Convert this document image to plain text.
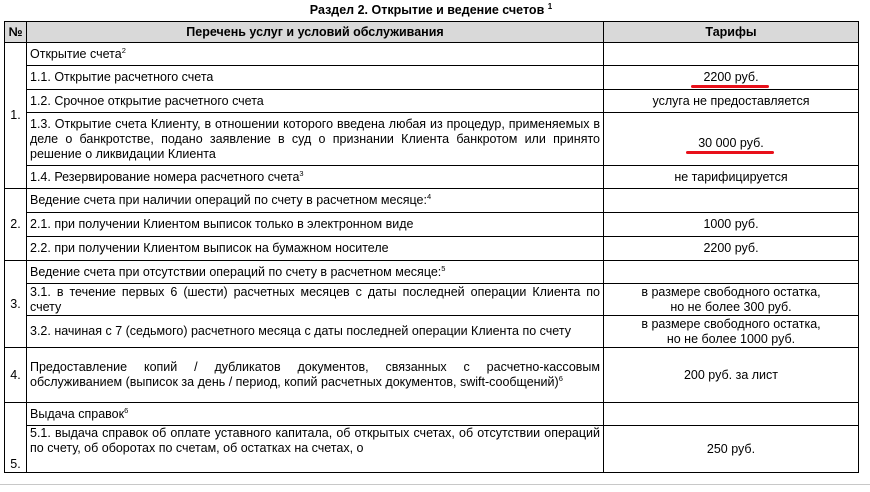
Раздел 2. Открытие и ведение счетов $^1$
№	Перечень услуг и условий обслуживания	Тарифы
1.	Открытие счета$^2$	
	1.1. Открытие расчетного счета	2200 руб.
	1.2. Срочное открытие расчетного счета	услуга не предоставляется
	1.3. Открытие счета Клиенту, в отношении которого введена любая из процедур, применяемых в деле о банкротстве, подано заявление в суд о признании Клиента банкротом или принято решение о ликвидации Клиента	30 000 руб.
	1.4. Резервирование номера расчетного счета$^3$	не тарифицируется
2.	Ведение счета при наличии операций по счету в расчетном месяце:$^4$	
	2.1. при получении Клиентом выписок только в электронном виде	1000 руб.
	2.2. при получении Клиентом выписок на бумажном носителе	2200 руб.
3.	Ведение счета при отсутствии операций по счету в расчетном месяце:$^5$	
	3.1. в течение первых 6 (шести) расчетных месяцев с даты последней операции Клиента по счету	в размере свободного остатка,
но не более 300 руб.
	3.2. начиная с 7 (седьмого) расчетного месяца с даты последней операции Клиента по счету	в размере свободного остатка,
но не более 1000 руб.
4.	Предоставление копий / дубликатов документов, связанных с расчетно-кассовым обслуживанием (выписок за день / период, копий расчетных документов, swift-сообщений)$^6$	200 руб. за лист
5.	Выдача справок$^6$	
	5.1. выдача справок об оплате уставного капитала, об открытых счетах, об отсутствии операций по счету, об оборотах по счетам, об остатках на счетах, о	250 руб.
